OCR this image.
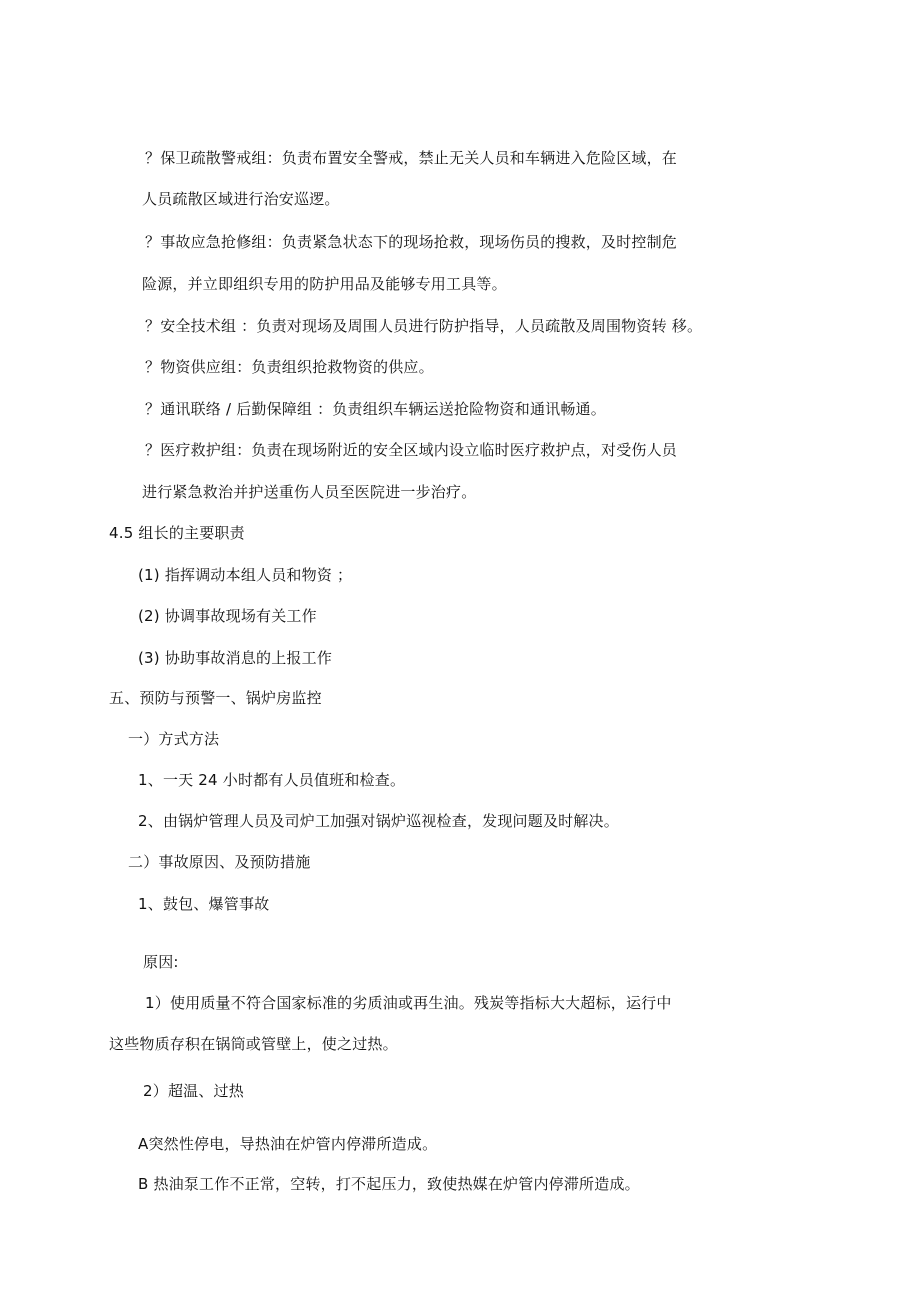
？保卫疏散警戒组：负责布置安全警戒，禁止无关人员和车辆进入危险区域，在
人员疏散区域进行治安巡逻。
？事故应急抢修组：负责紧急状态下的现场抢救，现场伤员的搜救，及时控制危
险源，并立即组织专用的防护用品及能够专用工具等。
？安全技术组 ：负责对现场及周围人员进行防护指导，人员疏散及周围物资转 移。
？物资供应组：负责组织抢救物资的供应。
？通讯联络 / 后勤保障组 ：负责组织车辆运送抢险物资和通讯畅通。
？医疗救护组：负责在现场附近的安全区域内设立临时医疗救护点，对受伤人员
进行紧急救治并护送重伤人员至医院进一步治疗。
4.5 组长的主要职责
(1) 指挥调动本组人员和物资 ；
(2) 协调事故现场有关工作
(3) 协助事故消息的上报工作
五、预防与预警一、锅炉房监控
一）方式方法
1、一天 24 小时都有人员值班和检查。
2、由锅炉管理人员及司炉工加强对锅炉巡视检查，发现问题及时解决。
二）事故原因、及预防措施
1、鼓包、爆管事故
原因:
1）使用质量不符合国家标准的劣质油或再生油。残炭等指标大大超标，运行中
这些物质存积在锅筒或管壁上，使之过热。
2）超温、过热
A突然性停电，导热油在炉管内停滞所造成。
B 热油泵工作不正常，空转，打不起压力，致使热媒在炉管内停滞所造成。
